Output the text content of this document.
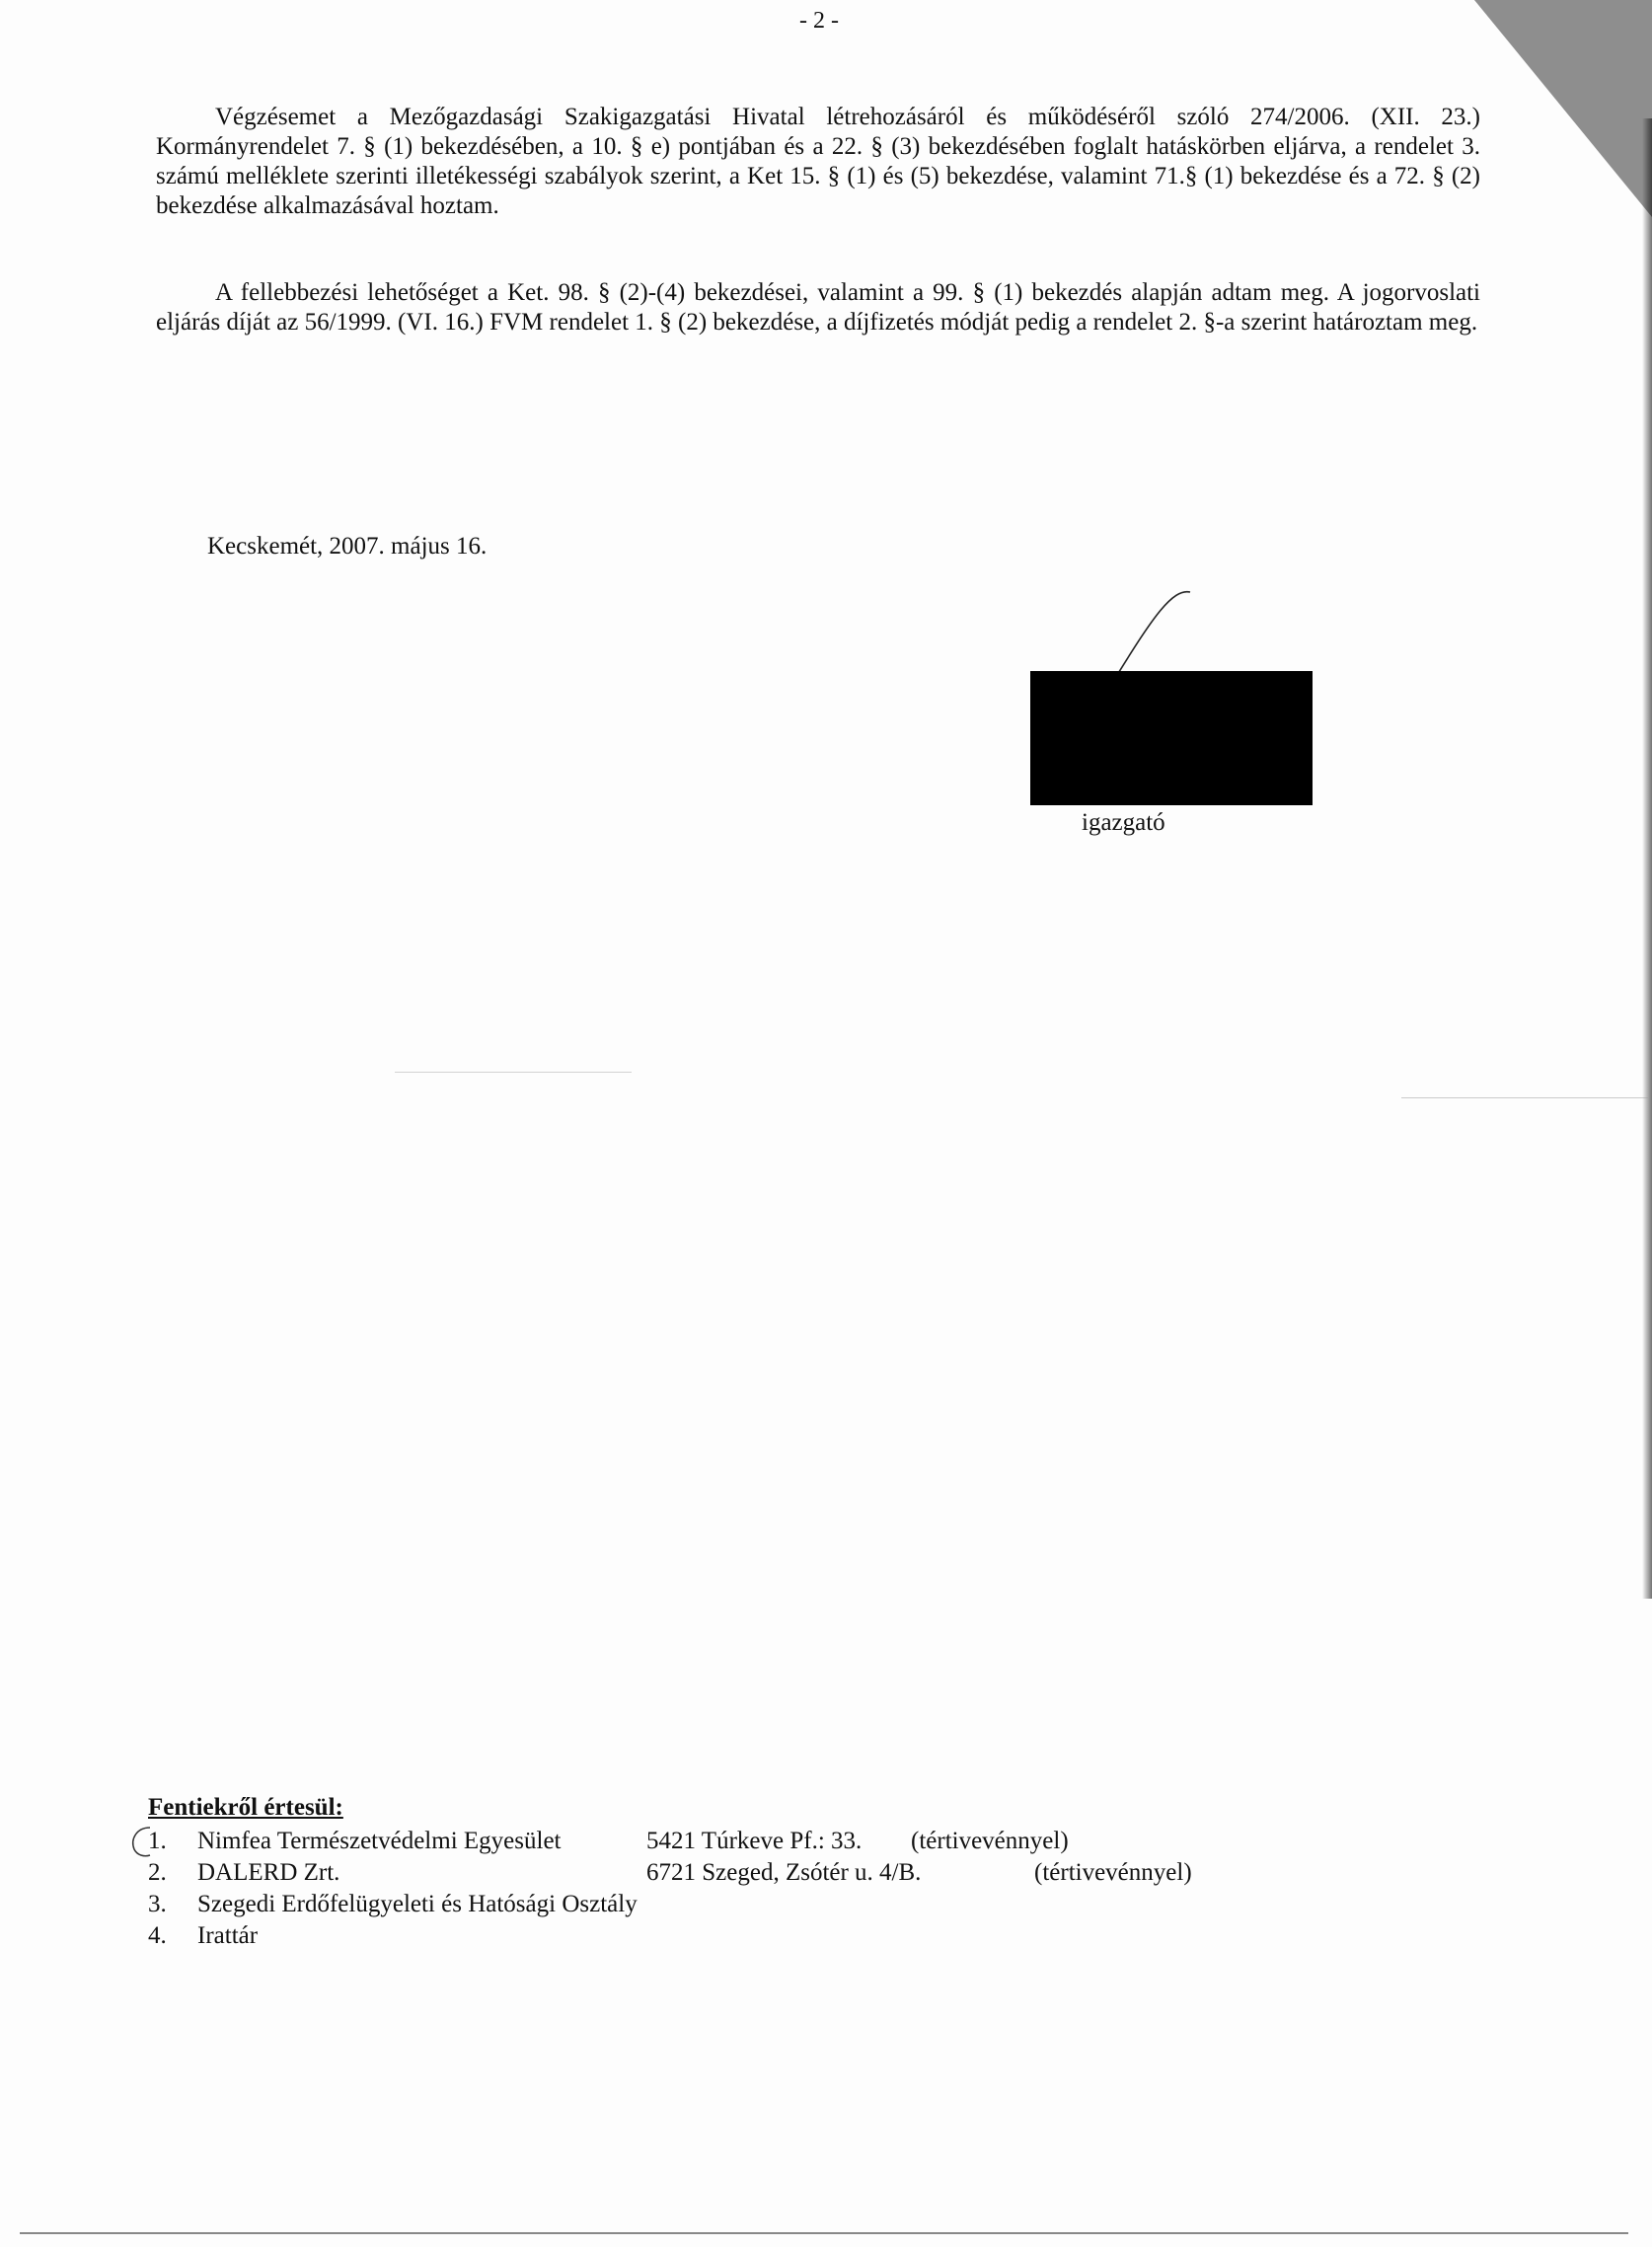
- 2 -

Végzésemet a Mezőgazdasági Szakigazgatási Hivatal létrehozásáról és működéséről szóló 274/2006. (XII. 23.) Kormányrendelet 7. § (1) bekezdésében, a 10. § e) pontjában és a 22. § (3) bekezdésében foglalt hatáskörben eljárva, a rendelet 3. számú melléklete szerinti illetékességi szabályok szerint, a Ket 15. § (1) és (5) bekezdése, valamint 71.§ (1) bekezdése és a 72. § (2) bekezdése alkalmazásával hoztam.

A fellebbezési lehetőséget a Ket. 98. § (2)-(4) bekezdései, valamint a 99. § (1) bekezdés alapján adtam meg. A jogorvoslati eljárás díját az 56/1999. (VI. 16.) FVM rendelet 1. § (2) bekezdése, a díjfizetés módját pedig a rendelet 2. §-a szerint határoztam meg.

Kecskemét, 2007. május 16.
igazgató
Fentiekről értesül:
1. Nimfea Természetvédelmi Egyesület	5421 Túrkeve Pf.: 33. (tértivevénnyel)
2. DALERD Zrt.	6721 Szeged, Zsótér u. 4/B.	(tértivevénnyel)
3. Szegedi Erdőfelügyeleti és Hatósági Osztály
4. Irattár
